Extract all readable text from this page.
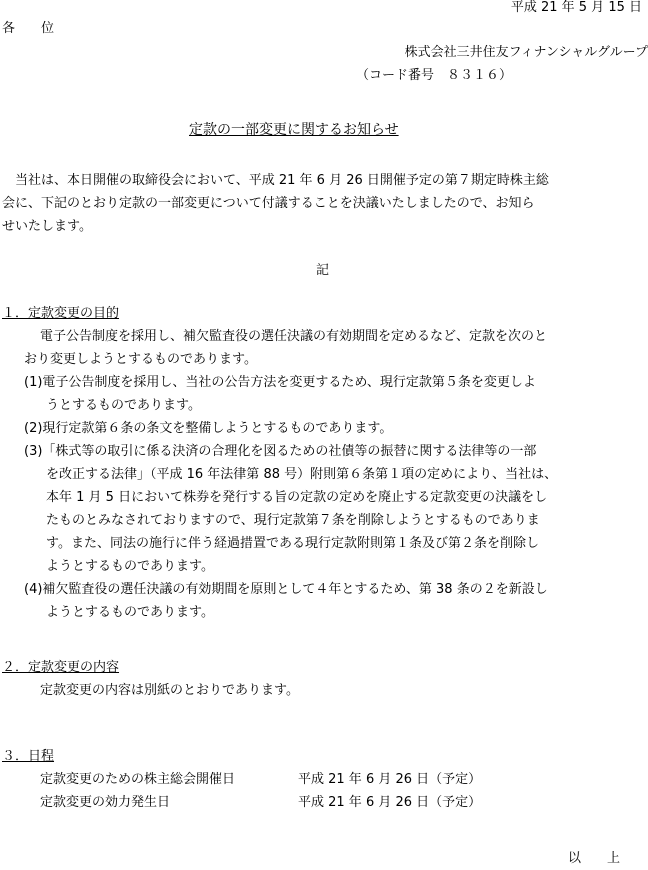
平成 21 年 5 月 15 日
各　　位
株式会社三井住友フィナンシャルグループ
（コード番号　８３１６）
定款の一部変更に関するお知らせ
　当社は、本日開催の取締役会において、平成 21 年 6 月 26 日開催予定の第７期定時株主総
会に、下記のとおり定款の一部変更について付議することを決議いたしましたので、お知ら
せいたします。
記
１．定款変更の目的
電子公告制度を採用し、補欠監査役の選任決議の有効期間を定めるなど、定款を次のと
おり変更しようとするものであります。
(1)電子公告制度を採用し、当社の公告方法を変更するため、現行定款第５条を変更しよ
うとするものであります。
(2)現行定款第６条の条文を整備しようとするものであります。
(3)「株式等の取引に係る決済の合理化を図るための社債等の振替に関する法律等の一部
を改正する法律」（平成 16 年法律第 88 号）附則第６条第１項の定めにより、当社は、
本年 1 月 5 日において株券を発行する旨の定款の定めを廃止する定款変更の決議をし
たものとみなされておりますので、現行定款第７条を削除しようとするものでありま
す。また、同法の施行に伴う経過措置である現行定款附則第１条及び第２条を削除し
ようとするものであります。
(4)補欠監査役の選任決議の有効期間を原則として４年とするため、第 38 条の２を新設し
ようとするものであります。
２．定款変更の内容
定款変更の内容は別紙のとおりであります。
３．日程
定款変更のための株主総会開催日	平成 21 年 6 月 26 日（予定）
定款変更の効力発生日	平成 21 年 6 月 26 日（予定）
以　　上
